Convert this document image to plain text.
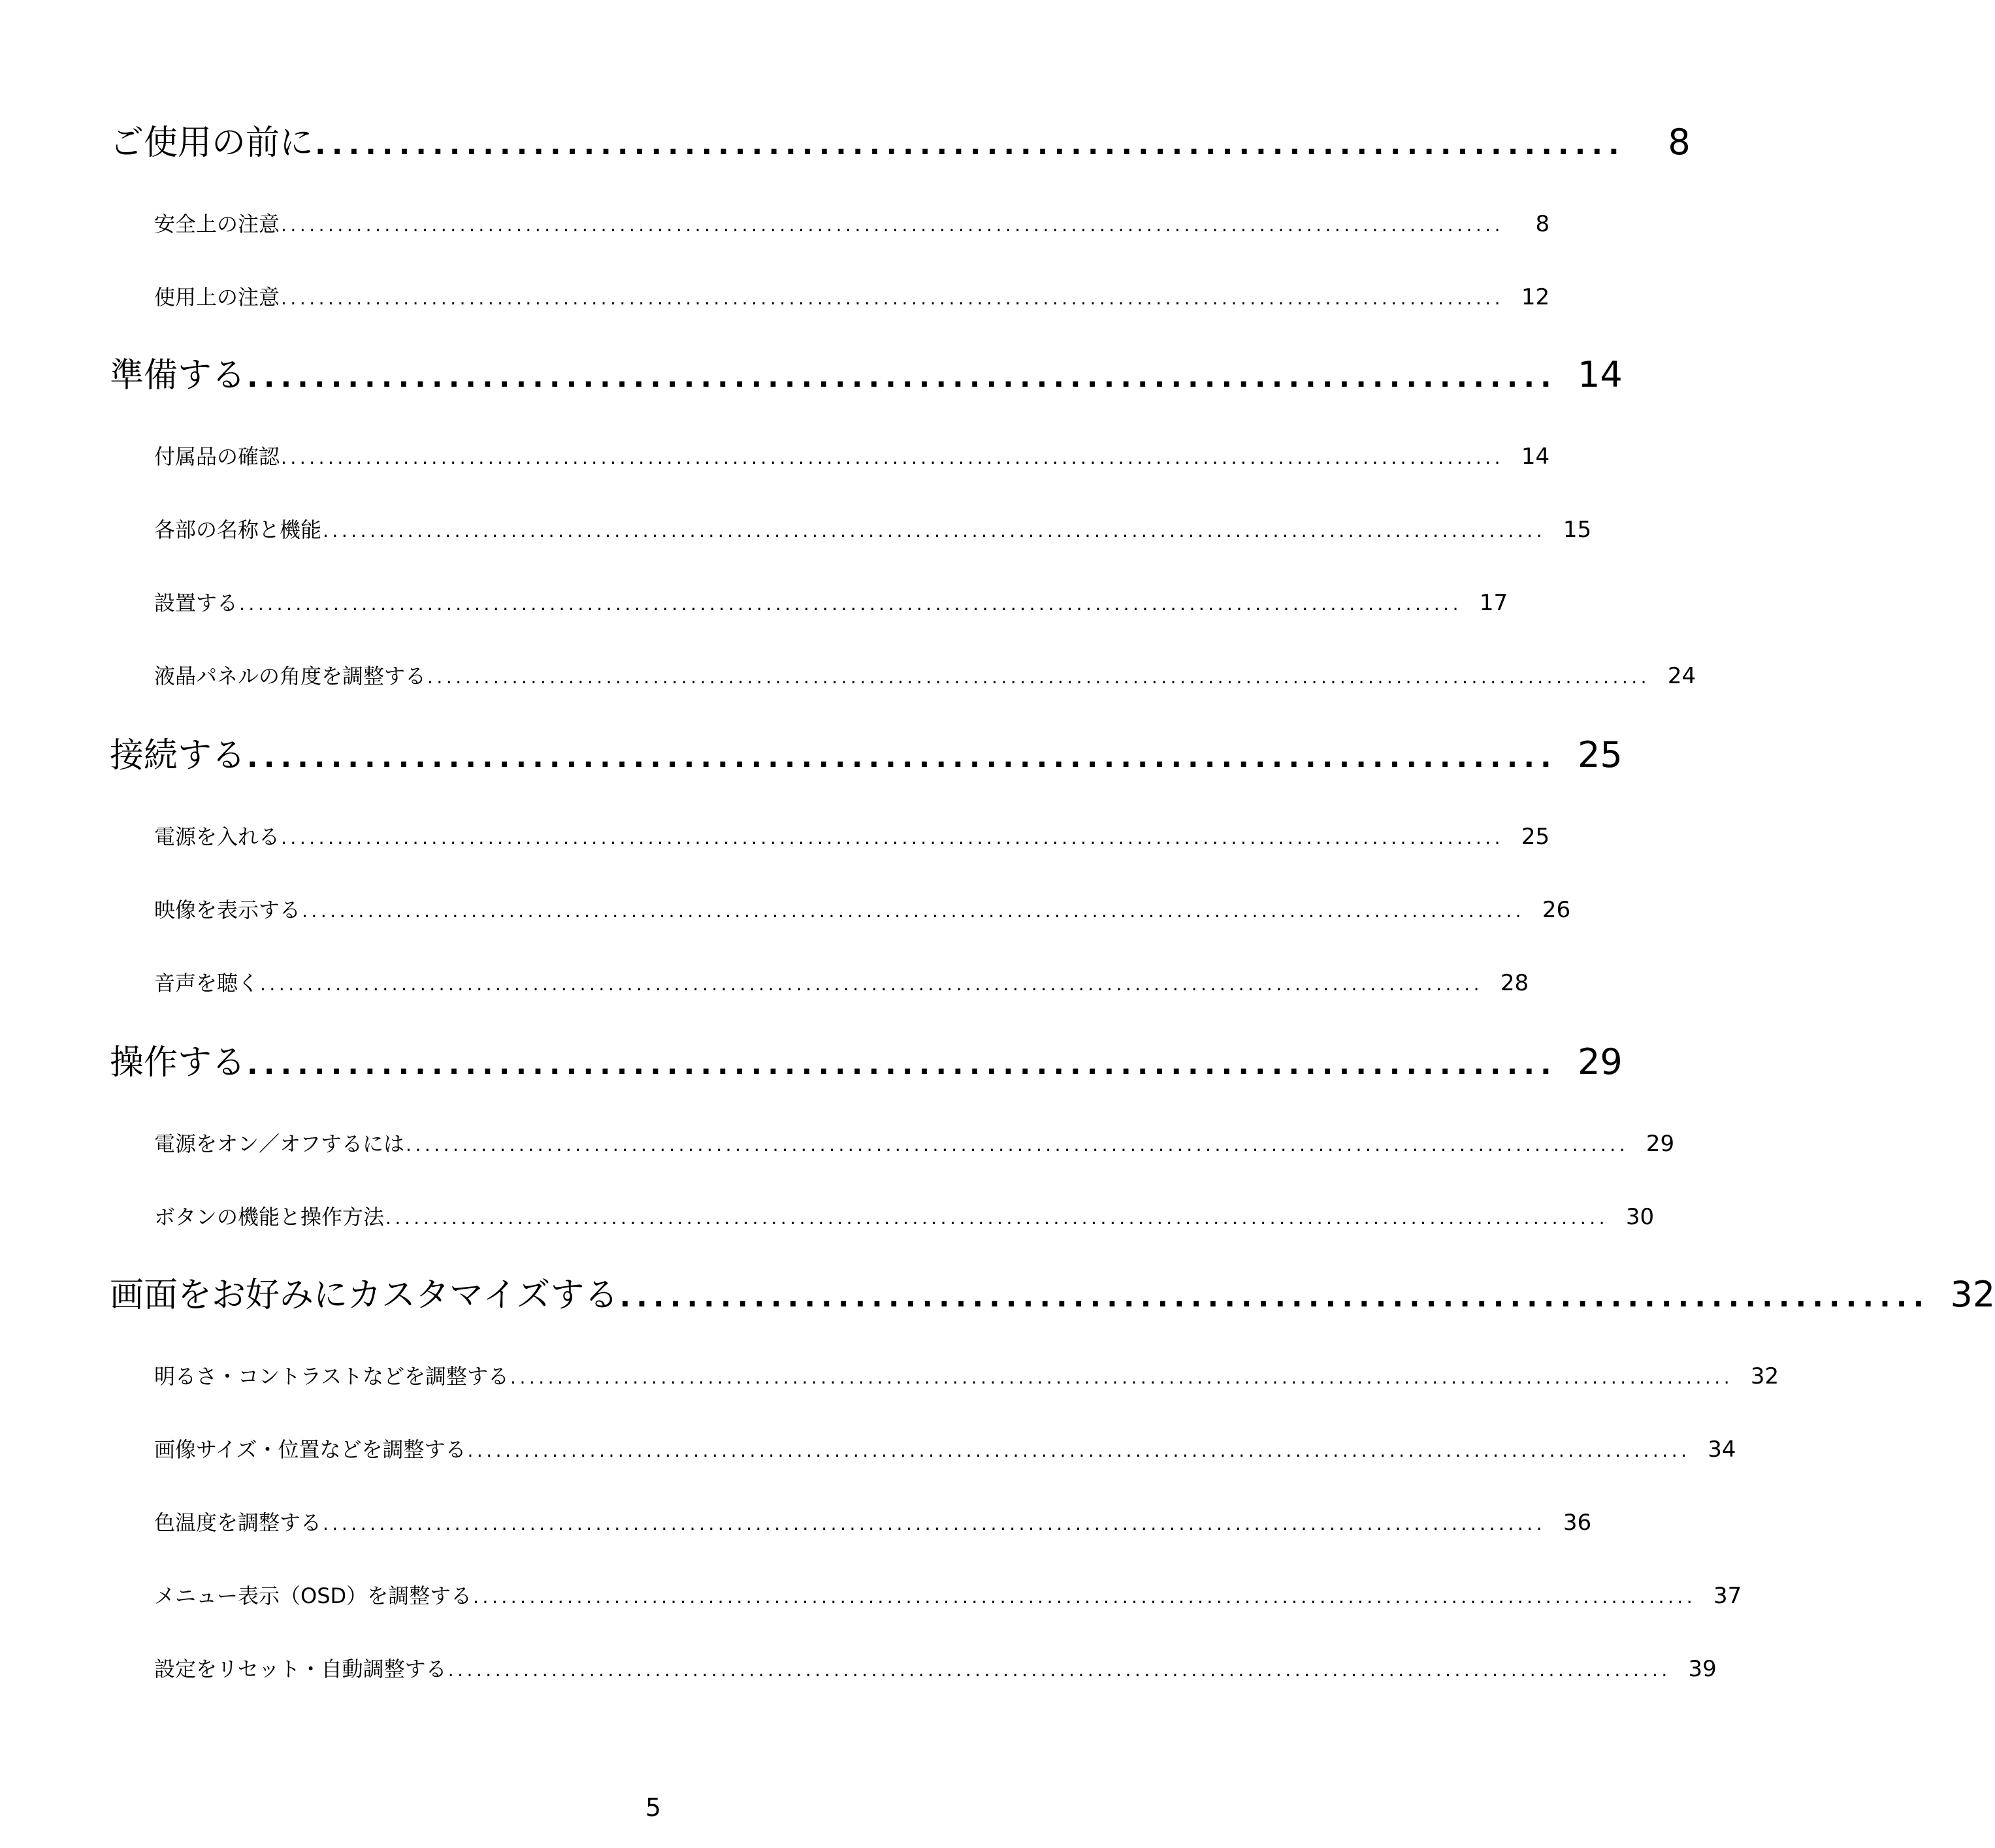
ご使用の前に ..............................................................................	8
安全上の注意 ..................................................................................................................................	8
使用上の注意 .................................................................................................................................. 12
準備する .............................................................................. 14
付属品の確認 .................................................................................................................................. 14
各部の名称と機能 .................................................................................................................................. 15
設置する .................................................................................................................................. 17
液晶パネルの角度を調整する .................................................................................................................................. 24
接続する .............................................................................. 25
電源を入れる .................................................................................................................................. 25
映像を表示する .................................................................................................................................. 26
音声を聴く .................................................................................................................................. 28
操作する .............................................................................. 29
電源をオン／オフするには .................................................................................................................................. 29
ボタンの機能と操作方法 .................................................................................................................................. 30
画面をお好みにカスタマイズする .............................................................................. 32
明るさ・コントラストなどを調整する .................................................................................................................................. 32
画像サイズ・位置などを調整する .................................................................................................................................. 34
色温度を調整する .................................................................................................................................. 36
メニュー表示（OSD）を調整する .................................................................................................................................. 37
設定をリセット・自動調整する .................................................................................................................................. 39
5
